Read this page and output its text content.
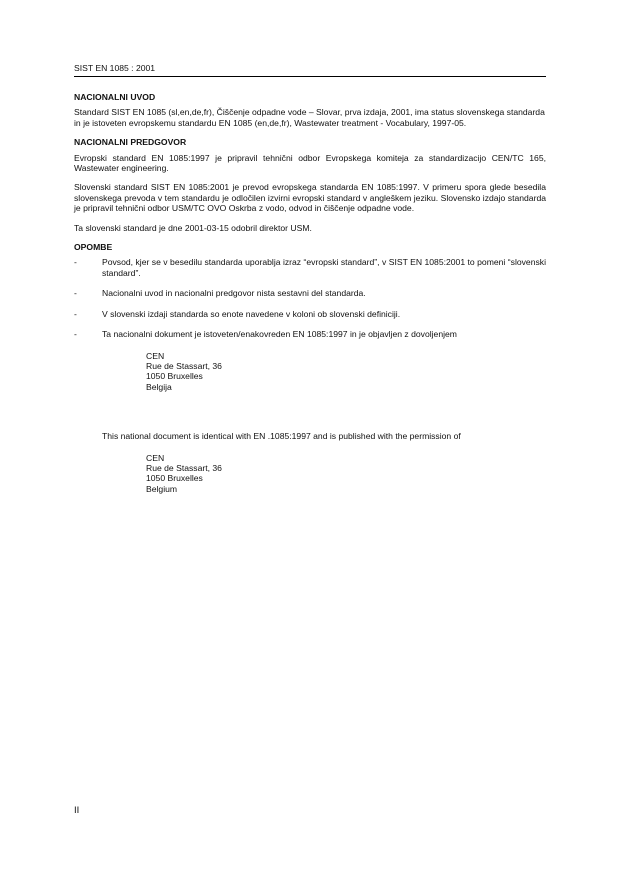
SIST EN 1085 : 2001
NACIONALNI UVOD

Standard SIST EN 1085 (sl,en,de,fr), Čiščenje odpadne vode – Slovar, prva izdaja, 2001, ima status slovenskega standarda in je istoveten evropskemu standardu EN 1085 (en,de,fr), Wastewater treatment - Vocabulary, 1997-05.

NACIONALNI PREDGOVOR

Evropski standard EN 1085:1997 je pripravil tehnični odbor Evropskega komiteja za standardizacijo CEN/TC 165, Wastewater engineering.

Slovenski standard SIST EN 1085:2001 je prevod evropskega standarda EN 1085:1997. V primeru spora glede besedila slovenskega prevoda v tem standardu je odločilen izvirni evropski standard v angleškem jeziku. Slovensko izdajo standarda je pripravil tehnični odbor USM/TC OVO Oskrba z vodo, odvod in čiščenje odpadne vode.

Ta slovenski standard je dne 2001-03-15 odobril direktor USM.

OPOMBE
-	Povsod, kjer se v besedilu standarda uporablja izraz “evropski standard”, v SIST EN 1085:2001 to pomeni “slovenski standard”.
-	Nacionalni uvod in nacionalni predgovor nista sestavni del standarda.
-	V slovenski izdaji standarda so enote navedene v koloni ob slovenski definiciji.
-	Ta nacionalni dokument je istoveten/enakovreden EN 1085:1997 in je objavljen z dovoljenjem
CEN
Rue de Stassart, 36
1050 Bruxelles
Belgija
This national document is identical with EN .1085:1997 and is published with the permission of
CEN
Rue de Stassart, 36
1050 Bruxelles
Belgium
II
